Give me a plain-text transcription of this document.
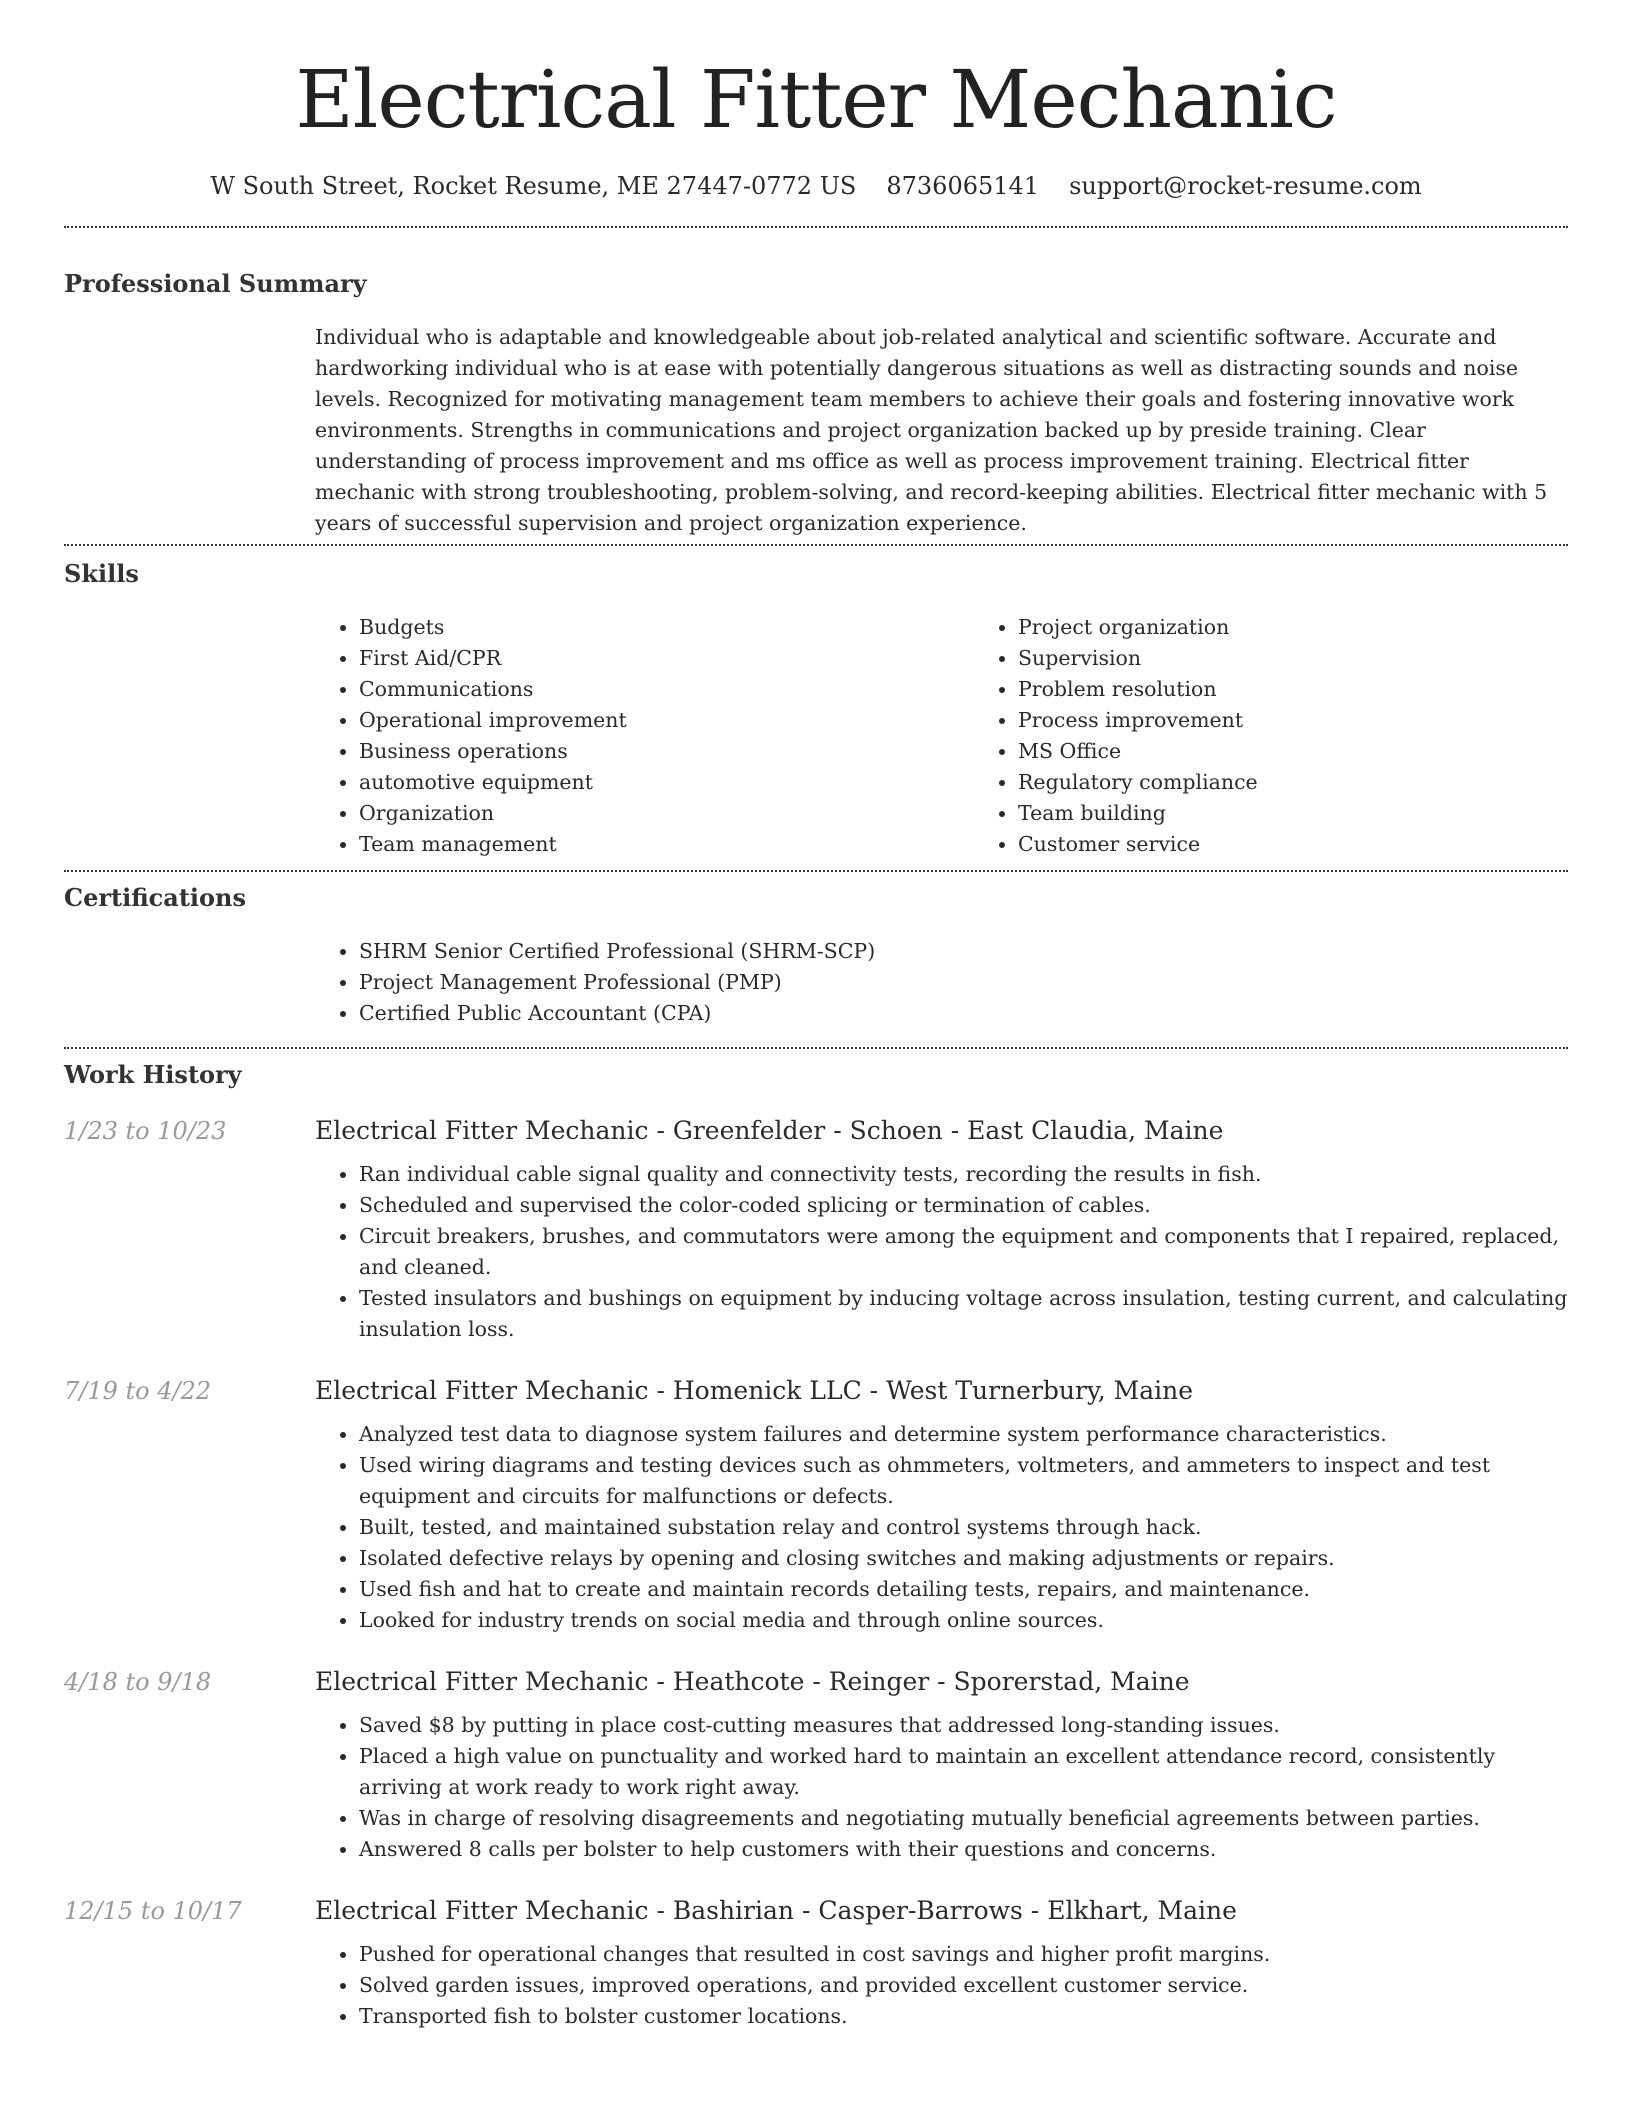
Electrical Fitter Mechanic
W South Street, Rocket Resume, ME 27447-0772 US 8736065141 support@rocket-resume.com
Professional Summary

Individual who is adaptable and knowledgeable about job-related analytical and scientific software. Accurate and hardworking individual who is at ease with potentially dangerous situations as well as distracting sounds and noise levels. Recognized for motivating management team members to achieve their goals and fostering innovative work environments. Strengths in communications and project organization backed up by preside training. Clear understanding of process improvement and ms office as well as process improvement training. Electrical fitter mechanic with strong troubleshooting, problem-solving, and record-keeping abilities. Electrical fitter mechanic with 5 years of successful supervision and project organization experience.

Skills
• Budgets
• First Aid/CPR
• Communications
• Operational improvement
• Business operations
• automotive equipment
• Organization
• Team management
• Project organization
• Supervision
• Problem resolution
• Process improvement
• MS Office
• Regulatory compliance
• Team building
• Customer service
Certifications
• SHRM Senior Certified Professional (SHRM-SCP)
• Project Management Professional (PMP)
• Certified Public Accountant (CPA)
Work History
1/23 to 10/23	Electrical Fitter Mechanic - Greenfelder - Schoen - East Claudia, Maine
• Ran individual cable signal quality and connectivity tests, recording the results in fish.
• Scheduled and supervised the color-coded splicing or termination of cables.
• Circuit breakers, brushes, and commutators were among the equipment and components that I repaired, replaced, and cleaned.
• Tested insulators and bushings on equipment by inducing voltage across insulation, testing current, and calculating insulation loss.
7/19 to 4/22	Electrical Fitter Mechanic - Homenick LLC - West Turnerbury, Maine
• Analyzed test data to diagnose system failures and determine system performance characteristics.
• Used wiring diagrams and testing devices such as ohmmeters, voltmeters, and ammeters to inspect and test equipment and circuits for malfunctions or defects.
• Built, tested, and maintained substation relay and control systems through hack.
• Isolated defective relays by opening and closing switches and making adjustments or repairs.
• Used fish and hat to create and maintain records detailing tests, repairs, and maintenance.
• Looked for industry trends on social media and through online sources.
4/18 to 9/18	Electrical Fitter Mechanic - Heathcote - Reinger - Sporerstad, Maine
• Saved $8 by putting in place cost-cutting measures that addressed long-standing issues.
• Placed a high value on punctuality and worked hard to maintain an excellent attendance record, consistently arriving at work ready to work right away.
• Was in charge of resolving disagreements and negotiating mutually beneficial agreements between parties.
• Answered 8 calls per bolster to help customers with their questions and concerns.
12/15 to 10/17	Electrical Fitter Mechanic - Bashirian - Casper-Barrows - Elkhart, Maine
• Pushed for operational changes that resulted in cost savings and higher profit margins.
• Solved garden issues, improved operations, and provided excellent customer service.
• Transported fish to bolster customer locations.
